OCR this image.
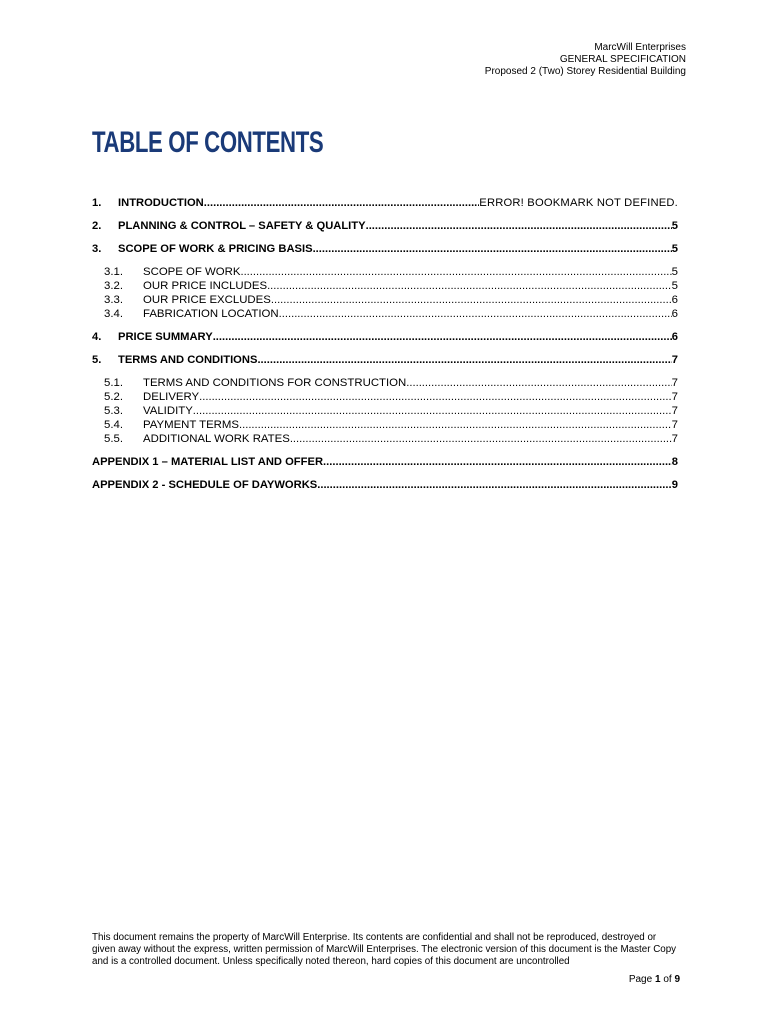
MarcWill Enterprises
GENERAL SPECIFICATION
Proposed 2 (Two) Storey Residential Building
TABLE OF CONTENTS
1.	INTRODUCTION .....	ERROR! BOOKMARK NOT DEFINED.
2.	PLANNING & CONTROL – SAFETY & QUALITY .....	5
3.	SCOPE OF WORK & PRICING BASIS .....	5
3.1.	SCOPE OF WORK .....	5
3.2.	OUR PRICE INCLUDES .....	5
3.3.	OUR PRICE EXCLUDES .....	6
3.4.	FABRICATION LOCATION .....	6
4.	PRICE SUMMARY .....	6
5.	TERMS AND CONDITIONS .....	7
5.1.	TERMS AND CONDITIONS FOR CONSTRUCTION .....	7
5.2.	DELIVERY .....	7
5.3.	VALIDITY .....	7
5.4.	PAYMENT TERMS .....	7
5.5.	ADDITIONAL WORK RATES .....	7
APPENDIX 1 – MATERIAL LIST AND OFFER .....	8
APPENDIX 2 - SCHEDULE OF DAYWORKS .....	9
This document remains the property of MarcWill Enterprise. Its contents are confidential and shall not be reproduced, destroyed or given away without the express, written permission of MarcWill Enterprises. The electronic version of this document is the Master Copy and is a controlled document. Unless specifically noted thereon, hard copies of this document are uncontrolled
Page 1 of 9
